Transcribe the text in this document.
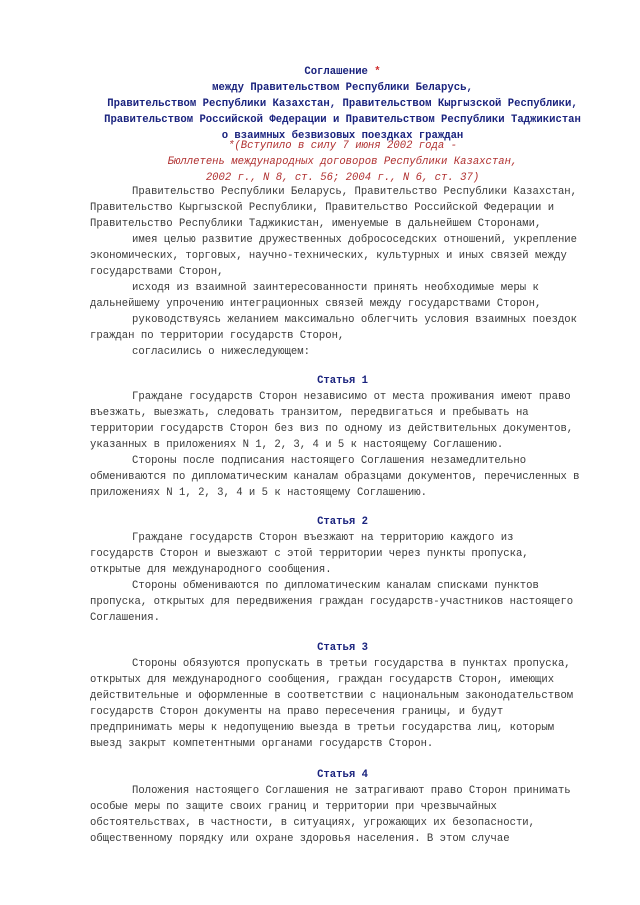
Соглашение *
между Правительством Республики Беларусь,
Правительством Республики Казахстан, Правительством Кыргызской Республики,
Правительством Российской Федерации и Правительством Республики Таджикистан
о взаимных безвизовых поездках граждан
*(Вступило в силу 7 июня 2002 года -
Бюллетень международных договоров Республики Казахстан,
2002 г., N 8, ст. 56; 2004 г., N 6, ст. 37)
Правительство Республики Беларусь, Правительство Республики Казахстан,
Правительство Кыргызской Республики, Правительство Российской Федерации и
Правительство Республики Таджикистан, именуемые в дальнейшем Сторонами,
имея целью развитие дружественных добрососедских отношений, укрепление
экономических, торговых, научно-технических, культурных и иных связей между
государствами Сторон,
исходя из взаимной заинтересованности принять необходимые меры к
дальнейшему упрочению интеграционных связей между государствами Сторон,
руководствуясь желанием максимально облегчить условия взаимных поездок
граждан по территории государств Сторон,
согласились о нижеследующем:
Статья 1
Граждане государств Сторон независимо от места проживания имеют право
въезжать, выезжать, следовать транзитом, передвигаться и пребывать на
территории государств Сторон без виз по одному из действительных документов,
указанных в приложениях N 1, 2, 3, 4 и 5 к настоящему Соглашению.
Стороны после подписания настоящего Соглашения незамедлительно
обмениваются по дипломатическим каналам образцами документов, перечисленных в
приложениях N 1, 2, 3, 4 и 5 к настоящему Соглашению.
Статья 2
Граждане государств Сторон въезжают на территорию каждого из
государств Сторон и выезжают с этой территории через пункты пропуска,
открытые для международного сообщения.
Стороны обмениваются по дипломатическим каналам списками пунктов
пропуска, открытых для передвижения граждан государств-участников настоящего
Соглашения.
Статья 3
Стороны обязуются пропускать в третьи государства в пунктах пропуска,
открытых для международного сообщения, граждан государств Сторон, имеющих
действительные и оформленные в соответствии с национальным законодательством
государств Сторон документы на право пересечения границы, и будут
предпринимать меры к недопущению выезда в третьи государства лиц, которым
выезд закрыт компетентными органами государств Сторон.
Статья 4
Положения настоящего Соглашения не затрагивают право Сторон принимать
особые меры по защите своих границ и территории при чрезвычайных
обстоятельствах, в частности, в ситуациях, угрожающих их безопасности,
общественному порядку или охране здоровья населения. В этом случае
